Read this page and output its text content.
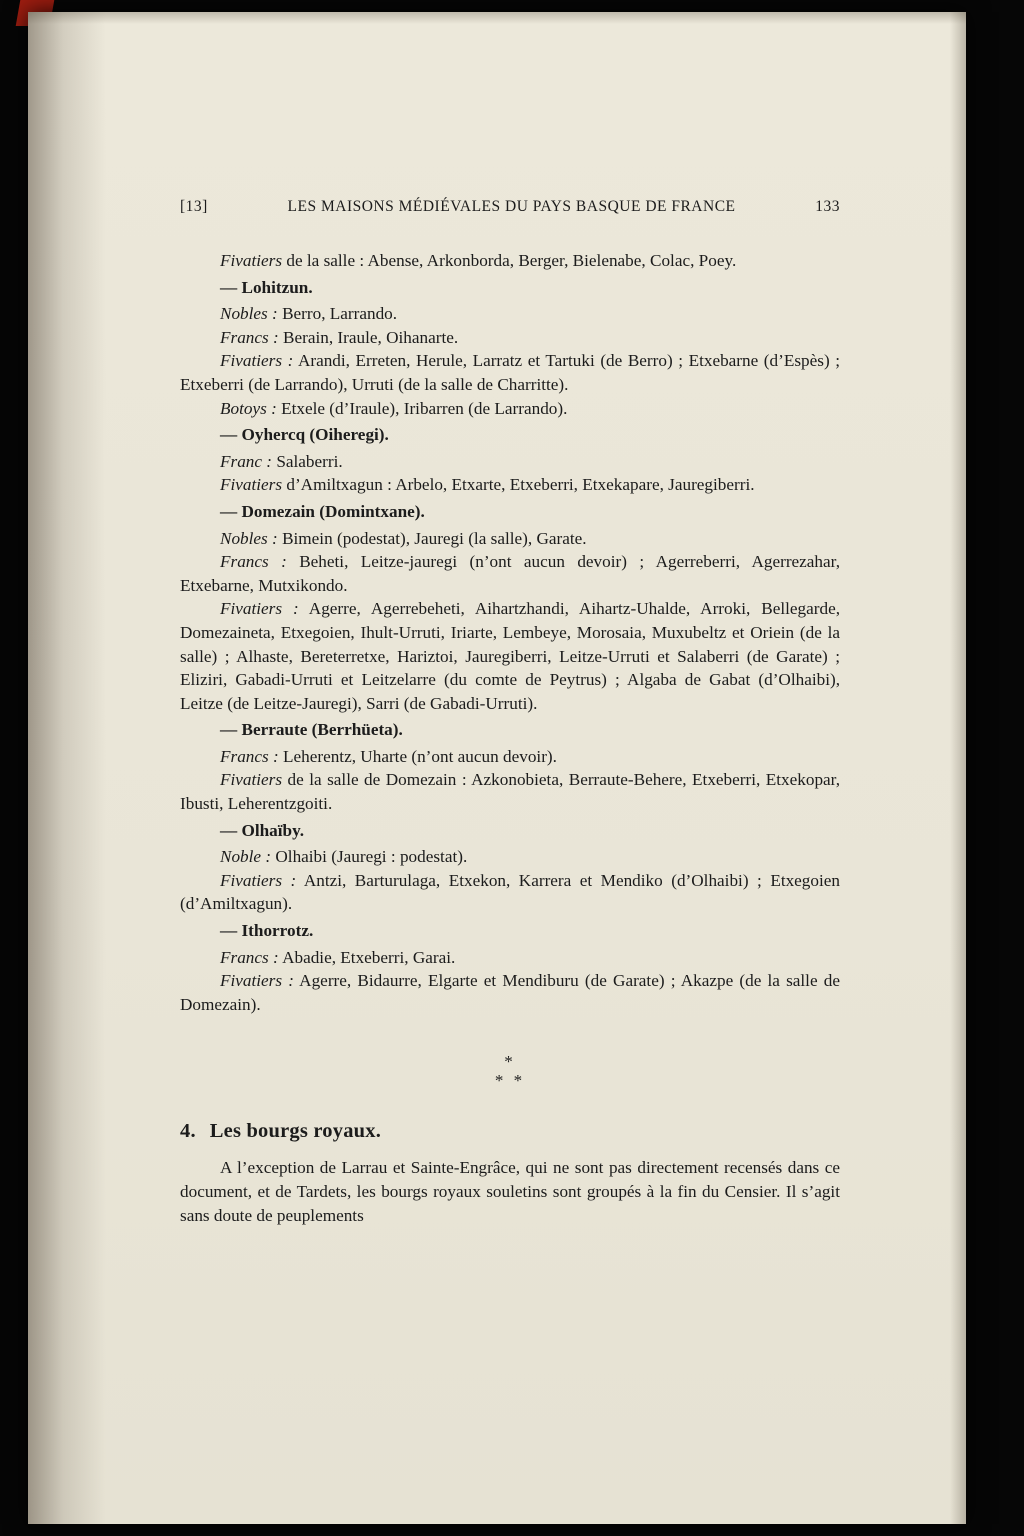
[13]	LES MAISONS MÉDIÉVALES DU PAYS BASQUE DE FRANCE	133

Fivatiers de la salle : Abense, Arkonborda, Berger, Bielenabe, Colac, Poey.

— Lohitzun.

Nobles : Berro, Larrando.

Francs : Berain, Iraule, Oihanarte.

Fivatiers : Arandi, Erreten, Herule, Larratz et Tartuki (de Berro) ; Etxebarne (d’Espès) ; Etxeberri (de Larrando), Urruti (de la salle de Charritte).

Botoys : Etxele (d’Iraule), Iribarren (de Larrando).

— Oyhercq (Oiheregi).

Franc : Salaberri.

Fivatiers d’Amiltxagun : Arbelo, Etxarte, Etxeberri, Etxekapare, Jauregiberri.

— Domezain (Domintxane).

Nobles : Bimein (podestat), Jauregi (la salle), Garate.

Francs : Beheti, Leitze-jauregi (n’ont aucun devoir) ; Agerreberri, Agerrezahar, Etxebarne, Mutxikondo.

Fivatiers : Agerre, Agerrebeheti, Aihartzhandi, Aihartz-Uhalde, Arroki, Bellegarde, Domezaineta, Etxegoien, Ihult-Urruti, Iriarte, Lembeye, Morosaia, Muxubeltz et Oriein (de la salle) ; Alhaste, Bereterretxe, Hariztoi, Jauregiberri, Leitze-Urruti et Salaberri (de Garate) ; Eliziri, Gabadi-Urruti et Leitzelarre (du comte de Peytrus) ; Algaba de Gabat (d’Olhaibi), Leitze (de Leitze-Jauregi), Sarri (de Gabadi-Urruti).

— Berraute (Berrhüeta).

Francs : Leherentz, Uharte (n’ont aucun devoir).

Fivatiers de la salle de Domezain : Azkonobieta, Berraute-Behere, Etxeberri, Etxekopar, Ibusti, Leherentzgoiti.

— Olhaïby.

Noble : Olhaibi (Jauregi : podestat).

Fivatiers : Antzi, Barturulaga, Etxekon, Karrera et Mendiko (d’Olhaibi) ; Etxegoien (d’Amiltxagun).

— Ithorrotz.

Francs : Abadie, Etxeberri, Garai.

Fivatiers : Agerre, Bidaurre, Elgarte et Mendiburu (de Garate) ; Akazpe (de la salle de Domezain).

*
* *
4. Les bourgs royaux.

A l’exception de Larrau et Sainte-Engrâce, qui ne sont pas directement recensés dans ce document, et de Tardets, les bourgs royaux souletins sont groupés à la fin du Censier. Il s’agit sans doute de peuplements
